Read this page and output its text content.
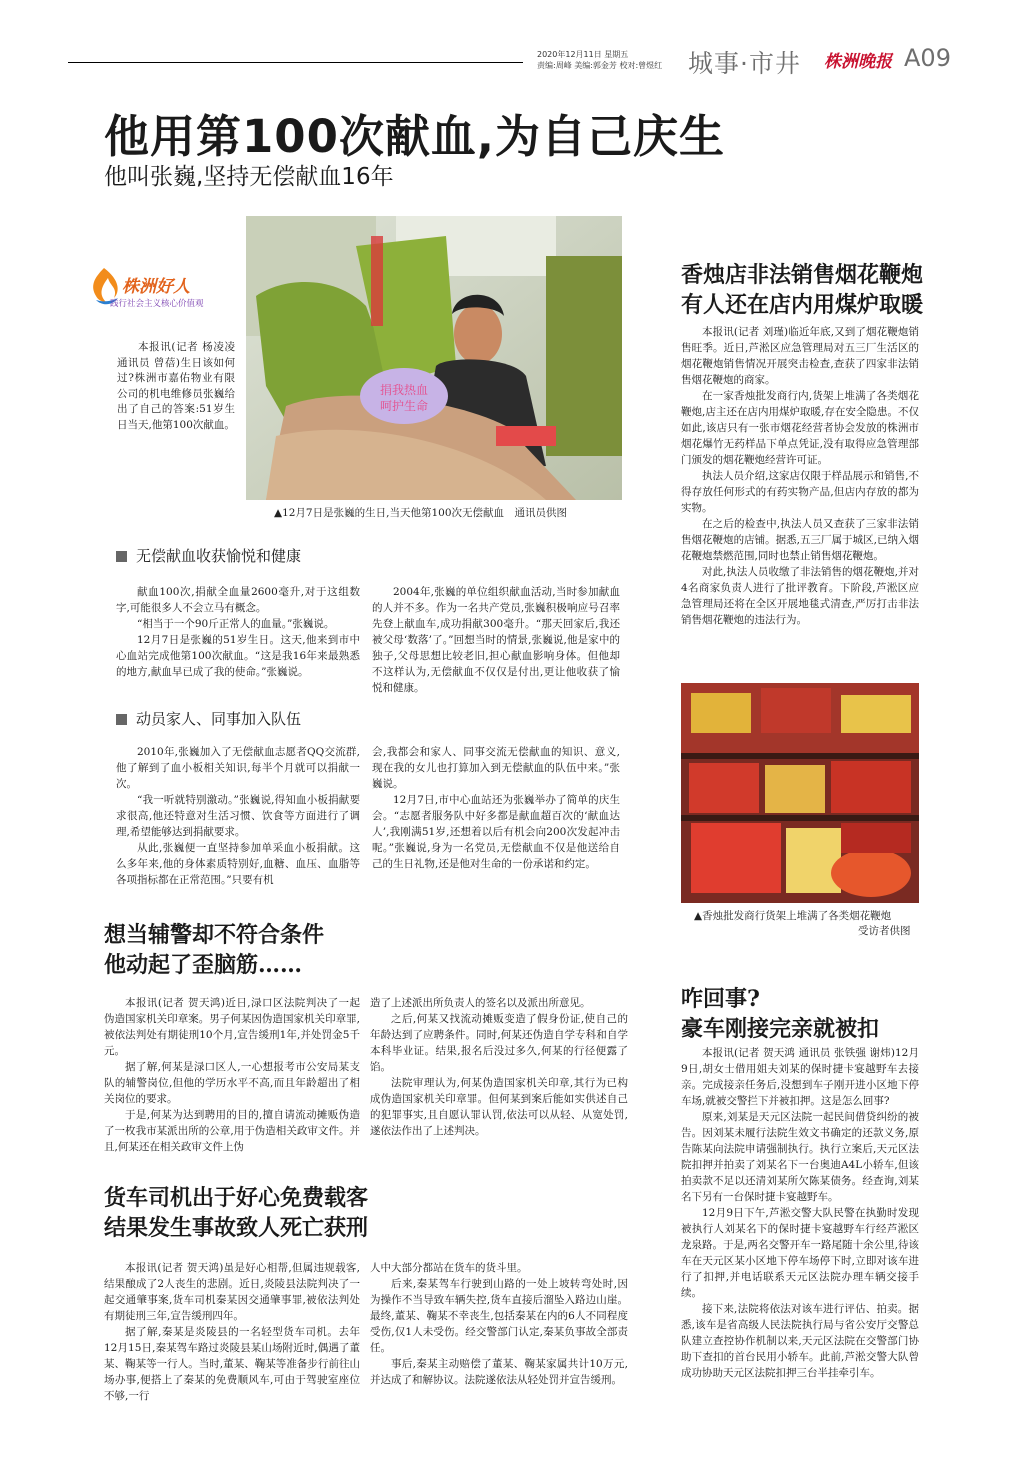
2020年12月11日 星期五
责编:周峰 美编:郭金芳 校对:曾煜红 城事·市井 株洲晚报 A09
他用第100次献血,为自己庆生
他叫张巍,坚持无偿献血16年
株洲好人
践行社会主义核心价值观

本报讯(记者 杨凌凌 通讯员 曾蓓)生日该如何过?株洲市嘉佑物业有限公司的机电维修员张巍给出了自己的答案:51岁生日当天,他第100次献血。

捐我热血
呵护生命
▲12月7日是张巍的生日,当天他第100次无偿献血　通讯员供图
无偿献血收获愉悦和健康

献血100次,捐献全血量2600毫升,对于这组数字,可能很多人不会立马有概念。

“相当于一个90斤正常人的血量。”张巍说。

12月7日是张巍的51岁生日。这天,他来到市中心血站完成他第100次献血。“这是我16年来最熟悉的地方,献血早已成了我的使命。”张巍说。

2004年,张巍的单位组织献血活动,当时参加献血的人并不多。作为一名共产党员,张巍积极响应号召率先登上献血车,成功捐献300毫升。“那天回家后,我还被父母‘数落’了。”回想当时的情景,张巍说,他是家中的独子,父母思想比较老旧,担心献血影响身体。但他却不这样认为,无偿献血不仅仅是付出,更让他收获了愉悦和健康。

动员家人、同事加入队伍

2010年,张巍加入了无偿献血志愿者QQ交流群,他了解到了血小板相关知识,每半个月就可以捐献一次。

“我一听就特别激动。”张巍说,得知血小板捐献要求很高,他还特意对生活习惯、饮食等方面进行了调理,希望能够达到捐献要求。

从此,张巍便一直坚持参加单采血小板捐献。这么多年来,他的身体素质特别好,血糖、血压、血脂等各项指标都在正常范围。”只要有机

会,我都会和家人、同事交流无偿献血的知识、意义,现在我的女儿也打算加入到无偿献血的队伍中来。”张巍说。

12月7日,市中心血站还为张巍举办了简单的庆生会。“志愿者服务队中好多都是献血超百次的‘献血达人’,我刚满51岁,还想着以后有机会向200次发起冲击呢。”张巍说,身为一名党员,无偿献血不仅是他送给自己的生日礼物,还是他对生命的一份承诺和约定。

香烛店非法销售烟花鞭炮
有人还在店内用煤炉取暖

本报讯(记者 刘瑾)临近年底,又到了烟花鞭炮销售旺季。近日,芦淞区应急管理局对五三厂生活区的烟花鞭炮销售情况开展突击检查,查获了四家非法销售烟花鞭炮的商家。

在一家香烛批发商行内,货架上堆满了各类烟花鞭炮,店主还在店内用煤炉取暖,存在安全隐患。不仅如此,该店只有一张市烟花经营者协会发放的株洲市烟花爆竹无药样品下单点凭证,没有取得应急管理部门颁发的烟花鞭炮经营许可证。

执法人员介绍,这家店仅限于样品展示和销售,不得存放任何形式的有药实物产品,但店内存放的都为实物。

在之后的检查中,执法人员又查获了三家非法销售烟花鞭炮的店铺。据悉,五三厂属于城区,已纳入烟花鞭炮禁燃范围,同时也禁止销售烟花鞭炮。

对此,执法人员收缴了非法销售的烟花鞭炮,并对4名商家负责人进行了批评教育。下阶段,芦淞区应急管理局还将在全区开展地毯式清查,严厉打击非法销售烟花鞭炮的违法行为。

▲香烛批发商行货架上堆满了各类烟花鞭炮
受访者供图
想当辅警却不符合条件
他动起了歪脑筋……

本报讯(记者 贺天鸿)近日,渌口区法院判决了一起伪造国家机关印章案。男子何某因伪造国家机关印章罪,被依法判处有期徒刑10个月,宣告缓刑1年,并处罚金5千元。

据了解,何某是渌口区人,一心想报考市公安局某支队的辅警岗位,但他的学历水平不高,而且年龄超出了相关岗位的要求。

于是,何某为达到聘用的目的,擅自请流动摊贩伪造了一枚我市某派出所的公章,用于伪造相关政审文件。并且,何某还在相关政审文件上伪

造了上述派出所负责人的签名以及派出所意见。

之后,何某又找流动摊贩变造了假身份证,使自己的年龄达到了应聘条件。同时,何某还伪造自学专科和自学本科毕业证。结果,报名后没过多久,何某的行径便露了馅。

法院审理认为,何某伪造国家机关印章,其行为已构成伪造国家机关印章罪。但何某到案后能如实供述自己的犯罪事实,且自愿认罪认罚,依法可以从轻、从宽处罚,遂依法作出了上述判决。

咋回事?
豪车刚接完亲就被扣

本报讯(记者 贺天鸿 通讯员 张铁强 谢炜)12月9日,胡女士借用姐夫刘某的保时捷卡宴越野车去接亲。完成接亲任务后,没想到车子刚开进小区地下停车场,就被交警拦下并被扣押。这是怎么回事?

原来,刘某是天元区法院一起民间借贷纠纷的被告。因刘某未履行法院生效文书确定的还款义务,原告陈某向法院申请强制执行。执行立案后,天元区法院扣押并拍卖了刘某名下一台奥迪A4L小轿车,但该拍卖款不足以还清刘某所欠陈某债务。经查询,刘某名下另有一台保时捷卡宴越野车。

12月9日下午,芦淞交警大队民警在执勤时发现被执行人刘某名下的保时捷卡宴越野车行经芦淞区龙泉路。于是,两名交警开车一路尾随十余公里,待该车在天元区某小区地下停车场停下时,立即对该车进行了扣押,并电话联系天元区法院办理车辆交接手续。

接下来,法院将依法对该车进行评估、拍卖。据悉,该车是省高级人民法院执行局与省公安厅交警总队建立查控协作机制以来,天元区法院在交警部门协助下查扣的首台民用小轿车。此前,芦淞交警大队曾成功协助天元区法院扣押三台半挂牵引车。

货车司机出于好心免费载客
结果发生事故致人死亡获刑

本报讯(记者 贺天鸿)虽是好心相帮,但属违规载客,结果酿成了2人丧生的悲剧。近日,炎陵县法院判决了一起交通肇事案,货车司机秦某因交通肇事罪,被依法判处有期徒刑三年,宣告缓刑四年。

据了解,秦某是炎陵县的一名轻型货车司机。去年12月15日,秦某驾车路过炎陵县某山场附近时,偶遇了董某、鞠某等一行人。当时,董某、鞠某等准备步行前往山场办事,便搭上了秦某的免费顺风车,可由于驾驶室座位不够,一行

人中大部分都站在货车的货斗里。

后来,秦某驾车行驶到山路的一处上坡转弯处时,因为操作不当导致车辆失控,货车直接后溜坠入路边山崖。最终,董某、鞠某不幸丧生,包括秦某在内的6人不同程度受伤,仅1人未受伤。经交警部门认定,秦某负事故全部责任。

事后,秦某主动赔偿了董某、鞠某家属共计10万元,并达成了和解协议。法院遂依法从轻处罚并宣告缓刑。
